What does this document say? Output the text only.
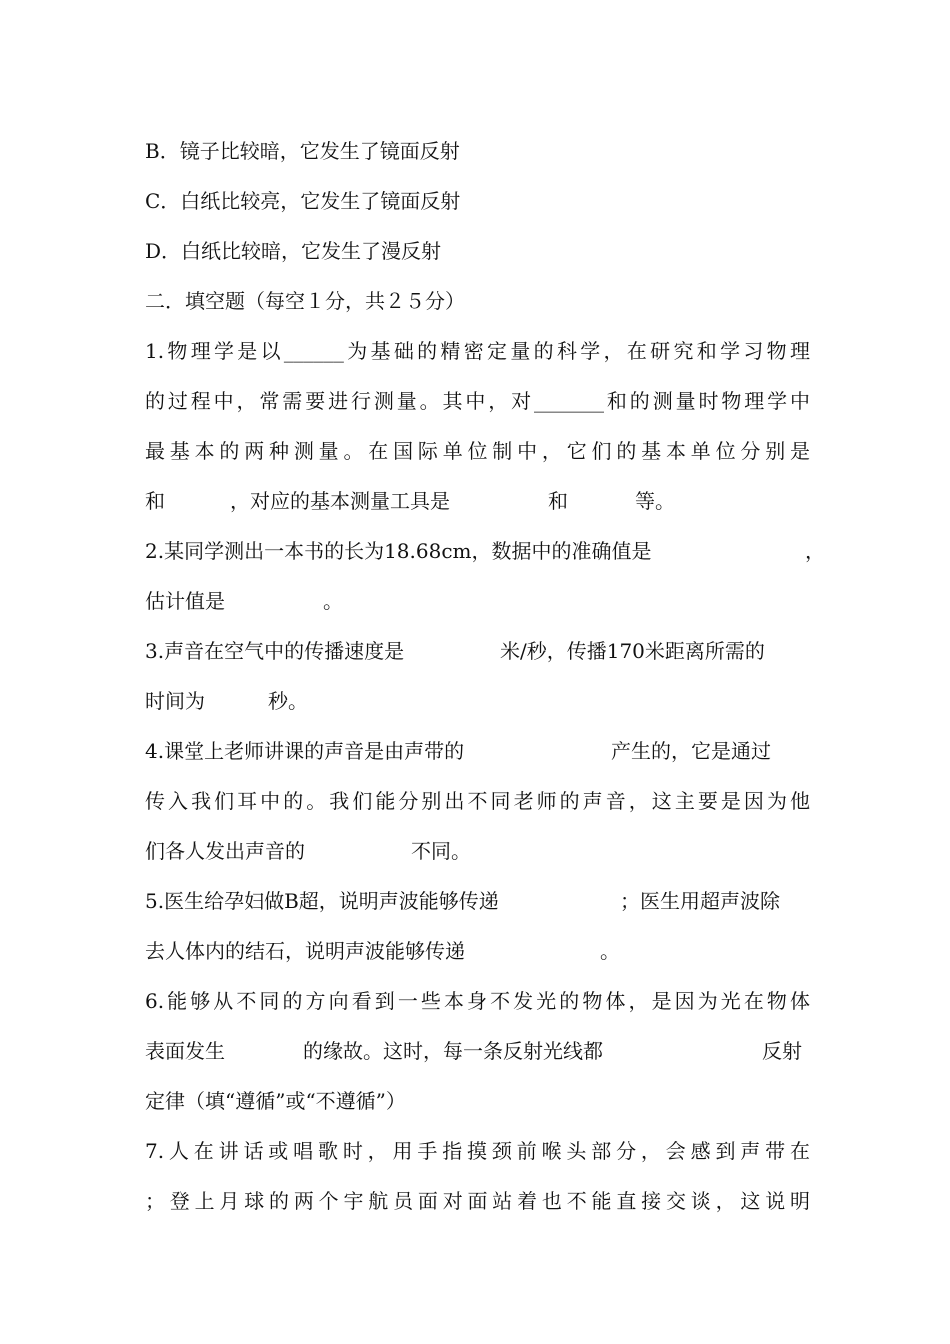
B．镜子比较暗，它发生了镜面反射
C．白纸比较亮，它发生了镜面反射
D．白纸比较暗，它发生了漫反射
二．填空题（每空１分，共２５分）
1.物理学是以______为基础的精密定量的科学，在研究和学习物理
的过程中，常需要进行测量。其中，对_______和的测量时物理学中
最基本的两种测量。在国际单位制中，它们的基本单位分别是
和	，对应的基本测量工具是	和	等。
2.某同学测出一本书的长为18.68cm，数据中的准确值是	，
估计值是	。
3.声音在空气中的传播速度是	米/秒，传播170米距离所需的
时间为	秒。
4.课堂上老师讲课的声音是由声带的	产生的，它是通过
传入我们耳中的。我们能分别出不同老师的声音，这主要是因为他
们各人发出声音的	不同。
5.医生给孕妇做B超，说明声波能够传递	；医生用超声波除
去人体内的结石，说明声波能够传递	。
6.能够从不同的方向看到一些本身不发光的物体，是因为光在物体
表面发生	的缘故。这时，每一条反射光线都	反射
定律（填“遵循”或“不遵循”）
7.人在讲话或唱歌时，用手指摸颈前喉头部分，会感到声带在
；登上月球的两个宇航员面对面站着也不能直接交谈，这说明
